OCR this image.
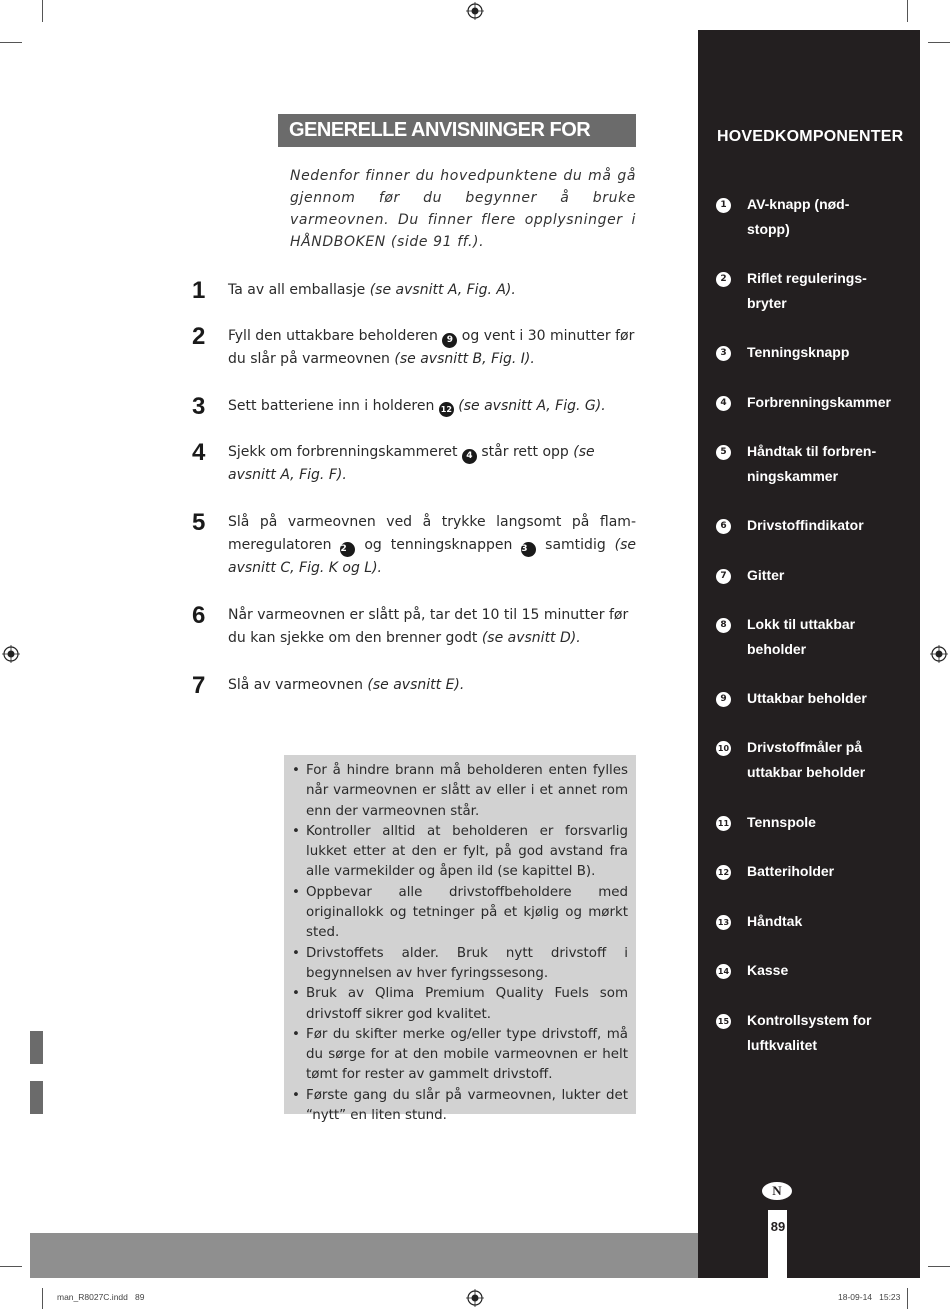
GENERELLE ANVISNINGER FOR BRUK
Nedenfor finner du hovedpunktene du må gå gjennom før du begynner å bruke varmeovnen. Du finner flere opplysninger i HÅNDBOKEN (side 91 ff.).
1 Ta av all emballasje (se avsnitt A, Fig. A).
2 Fyll den uttakbare beholderen 9 og vent i 30 minutter før du slår på varmeovnen (se avsnitt B, Fig. I).
3 Sett batteriene inn i holderen 12 (se avsnitt A, Fig. G).
4 Sjekk om forbrenningskammeret 4 står rett opp (se avsnitt A, Fig. F).
5 Slå på varmeovnen ved å trykke langsomt på flam-meregulatoren 2 og tenningsknappen 3 samtidig (se avsnitt C, Fig. K og L).
6 Når varmeovnen er slått på, tar det 10 til 15 minutter før du kan sjekke om den brenner godt (se avsnitt D).
7 Slå av varmeovnen (se avsnitt E).
• For å hindre brann må beholderen enten fylles når varmeovnen er slått av eller i et annet rom enn der varmeovnen står.
• Kontroller alltid at beholderen er forsvarlig lukket etter at den er fylt, på god avstand fra alle varmekilder og åpen ild (se kapittel B).
• Oppbevar alle drivstoffbeholdere med originallokk og tetninger på et kjølig og mørkt sted.
• Drivstoffets alder. Bruk nytt drivstoff i begynnelsen av hver fyringssesong.
• Bruk av Qlima Premium Quality Fuels som drivstoff sikrer god kvalitet.
• Før du skifter merke og/eller type drivstoff, må du sørge for at den mobile varmeovnen er helt tømt for rester av gammelt drivstoff.
• Første gang du slår på varmeovnen, lukter det “nytt” en liten stund.
HOVEDKOMPONENTER
1	AV-knapp (nød-stopp)
2	Riflet regulerings-bryter
3	Tenningsknapp
4	Forbrenningskammer
5	Håndtak til forbren-ningskammer
6	Drivstoffindikator
7	Gitter
8	Lokk til uttakbar beholder
9	Uttakbar beholder
10 Drivstoffmåler på uttakbar beholder
11 Tennspole
12 Batteriholder
13 Håndtak
14 Kasse
15 Kontrollsystem for luftkvalitet
N
89
man_R8027C.indd   89	18-09-14   15:23
